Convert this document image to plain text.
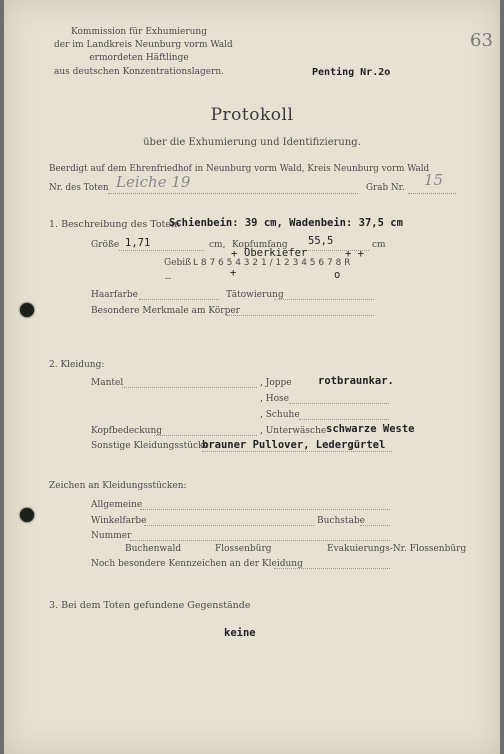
63
Kommission für Exhumierung
der im Landkreis Neunburg vorm Wald
ermordeten Häftlinge
aus deutschen Konzentrationslagern.	Penting Nr.2o
Protokoll
über die Exhumierung und Identifizierung.
Beerdigt auf dem Ehrenfriedhof in Neunburg vorm Wald, Kreis Neunburg vorm Wald
Nr. des Toten Leiche 19	Grab Nr. 15
1. Beschreibung des Toten:
Schienbein: 39 cm, Wadenbein: 37,5 cm
Größe 1,71	cm, Kopfumfang 55,5	cm
+ Oberkiefer	+ +
Gebiß L 8 7 6 5 4 3 2 1 / 1 2 3 4 5 6 7 8 R
+	o
--
Haarfarbe	Tätowierung
Besondere Merkmale am Körper
2. Kleidung:
Mantel	, Joppe	rotbraunkar.
, Hose
, Schuhe
Kopfbedeckung	, Unterwäsche schwarze Weste
Sonstige Kleidungsstücke
brauner Pullover, Ledergürtel
Zeichen an Kleidungsstücken:
Allgemeine
Winkelfarbe	Buchstabe
Nummer
Buchenwald	Flossenbürg	Evakuierungs-Nr. Flossenbürg
Noch besondere Kennzeichen an der Kleidung
3. Bei dem Toten gefundene Gegenstände
keine
